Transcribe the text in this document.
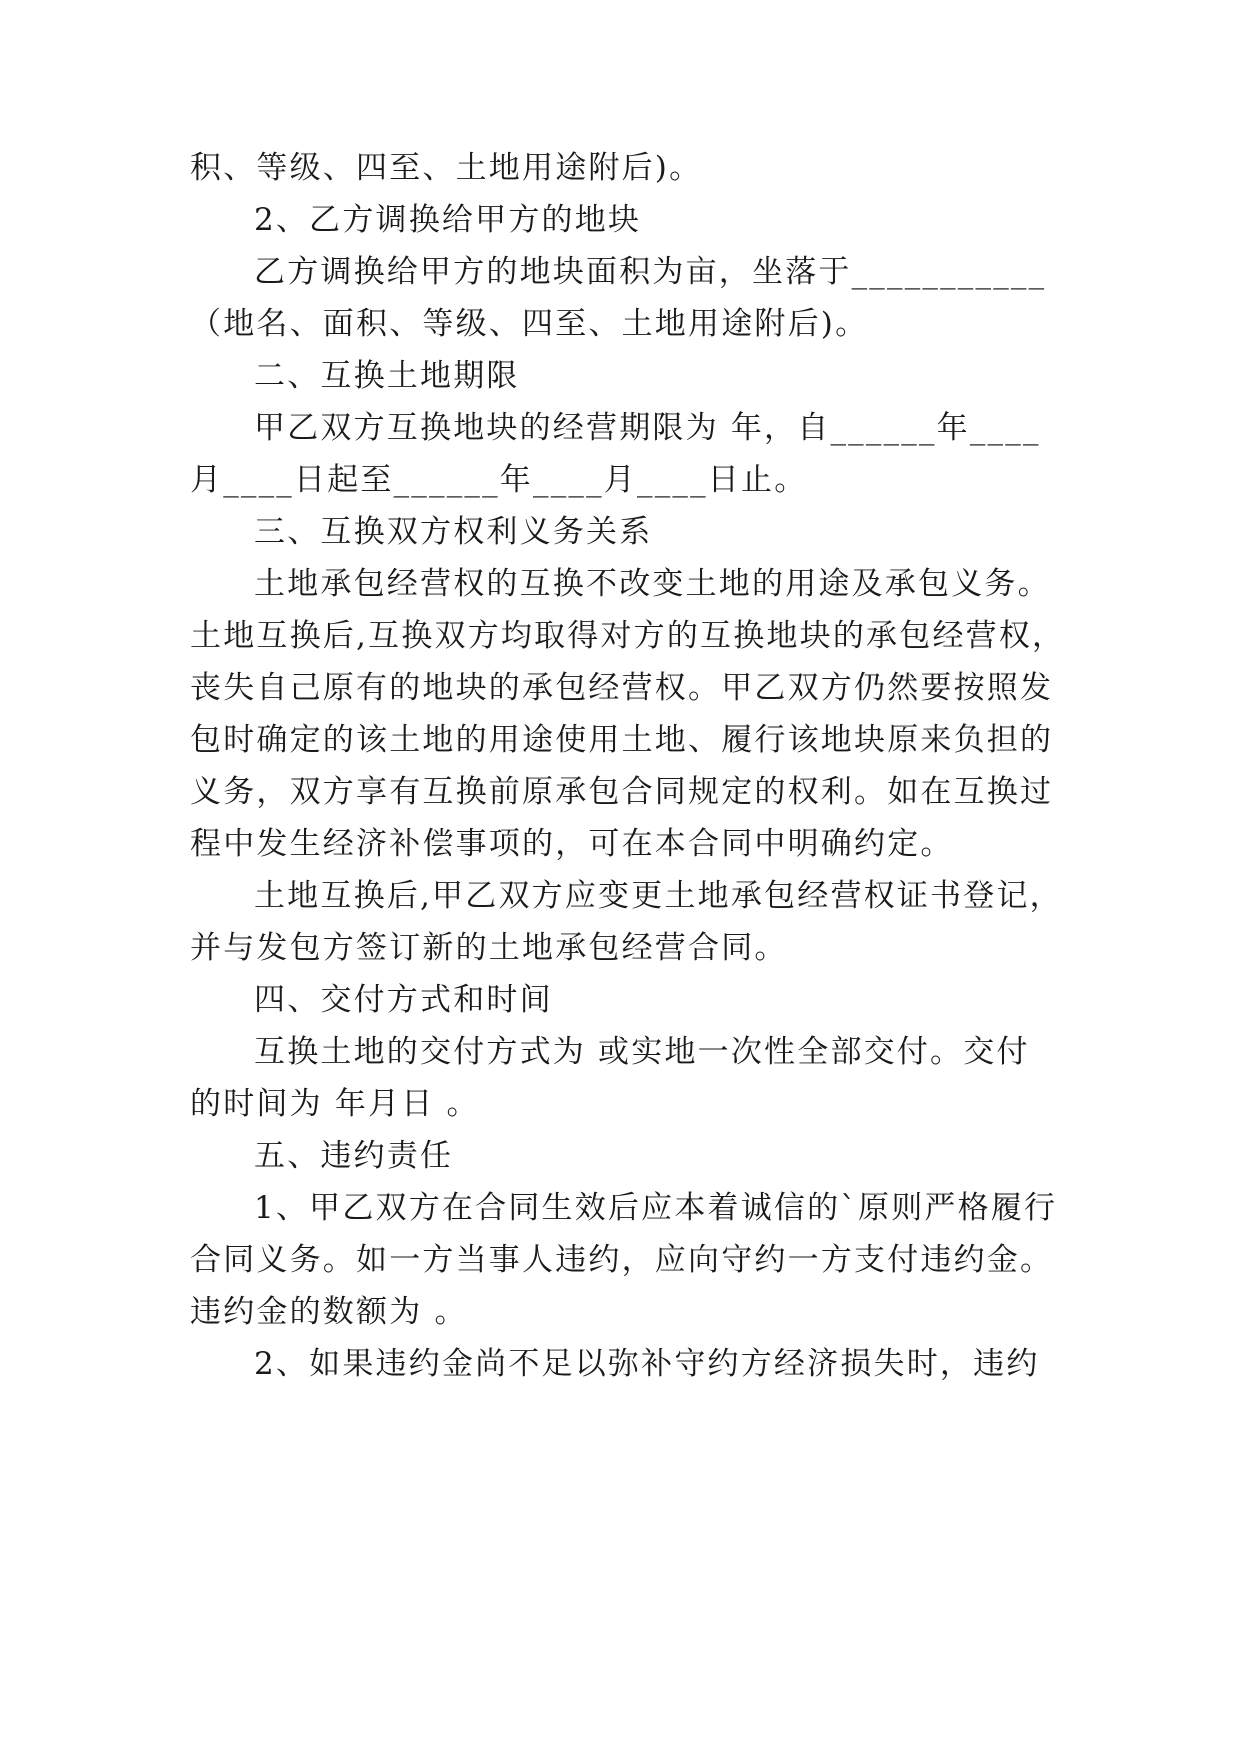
积、等级、四至、土地用途附后)。
2、乙方调换给甲方的地块
乙方调换给甲方的地块面积为亩，坐落于___________
（地名、面积、等级、四至、土地用途附后)。
二、互换土地期限
甲乙双方互换地块的经营期限为 年，自______年____
月____日起至______年____月____日止。
三、互换双方权利义务关系
土地承包经营权的互换不改变土地的用途及承包义务。
土地互换后,互换双方均取得对方的互换地块的承包经营权，
丧失自己原有的地块的承包经营权。甲乙双方仍然要按照发
包时确定的该土地的用途使用土地、履行该地块原来负担的
义务，双方享有互换前原承包合同规定的权利。如在互换过
程中发生经济补偿事项的，可在本合同中明确约定。
土地互换后,甲乙双方应变更土地承包经营权证书登记，
并与发包方签订新的土地承包经营合同。
四、交付方式和时间
互换土地的交付方式为 或实地一次性全部交付。交付
的时间为 年月日 。
五、违约责任
1、甲乙双方在合同生效后应本着诚信的`原则严格履行
合同义务。如一方当事人违约，应向守约一方支付违约金。
违约金的数额为 。
2、如果违约金尚不足以弥补守约方经济损失时，违约
